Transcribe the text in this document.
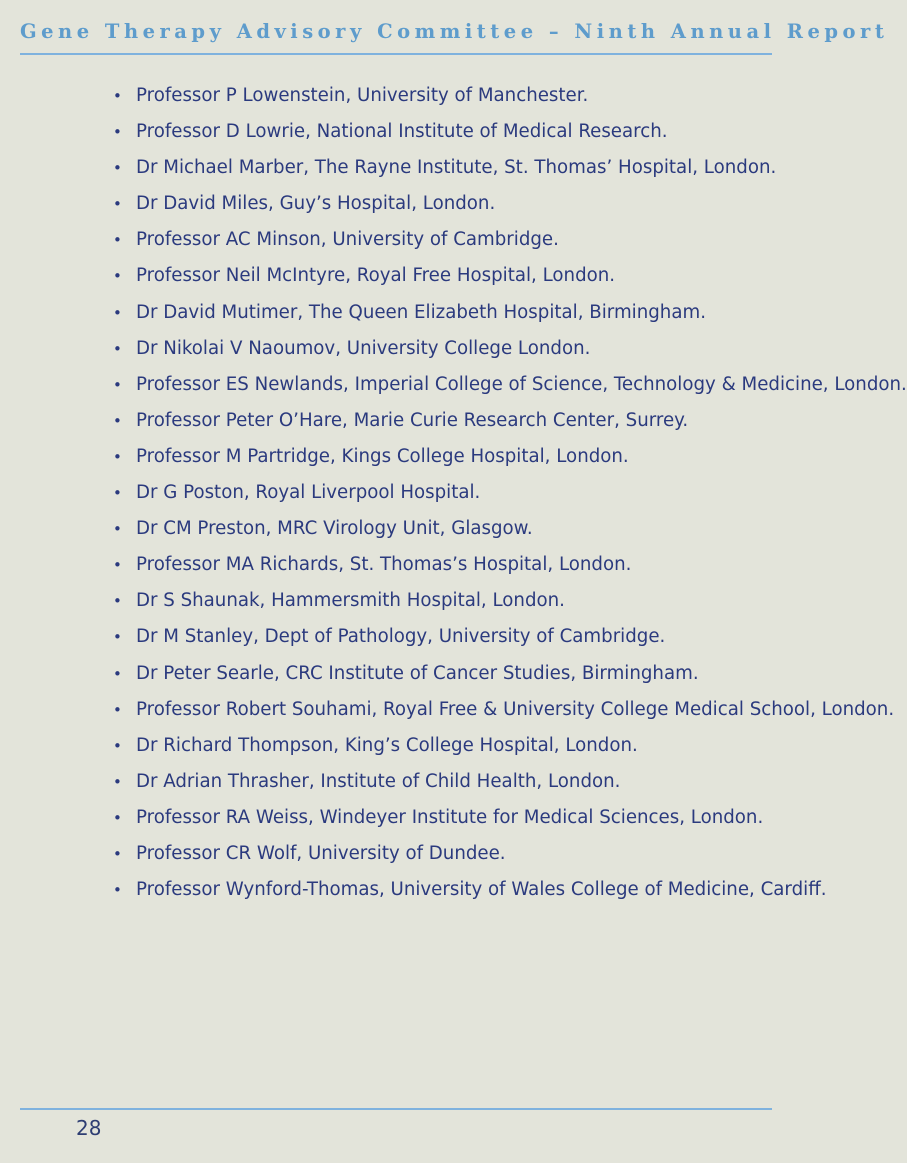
Gene Therapy Advisory Committee – Ninth Annual Report
• Professor P Lowenstein, University of Manchester.
• Professor D Lowrie, National Institute of Medical Research.
• Dr Michael Marber, The Rayne Institute, St. Thomas’ Hospital, London.
• Dr David Miles, Guy’s Hospital, London.
• Professor AC Minson, University of Cambridge.
• Professor Neil McIntyre, Royal Free Hospital, London.
• Dr David Mutimer, The Queen Elizabeth Hospital, Birmingham.
• Dr Nikolai V Naoumov, University College London.
• Professor ES Newlands, Imperial College of Science, Technology & Medicine, London.
• Professor Peter O’Hare, Marie Curie Research Center, Surrey.
• Professor M Partridge, Kings College Hospital, London.
• Dr G Poston, Royal Liverpool Hospital.
• Dr CM Preston, MRC Virology Unit, Glasgow.
• Professor MA Richards, St. Thomas’s Hospital, London.
• Dr S Shaunak, Hammersmith Hospital, London.
• Dr M Stanley, Dept of Pathology, University of Cambridge.
• Dr Peter Searle, CRC Institute of Cancer Studies, Birmingham.
• Professor Robert Souhami, Royal Free & University College Medical School, London.
• Dr Richard Thompson, King’s College Hospital, London.
• Dr Adrian Thrasher, Institute of Child Health, London.
• Professor RA Weiss, Windeyer Institute for Medical Sciences, London.
• Professor CR Wolf, University of Dundee.
• Professor Wynford-Thomas, University of Wales College of Medicine, Cardiff.
28
